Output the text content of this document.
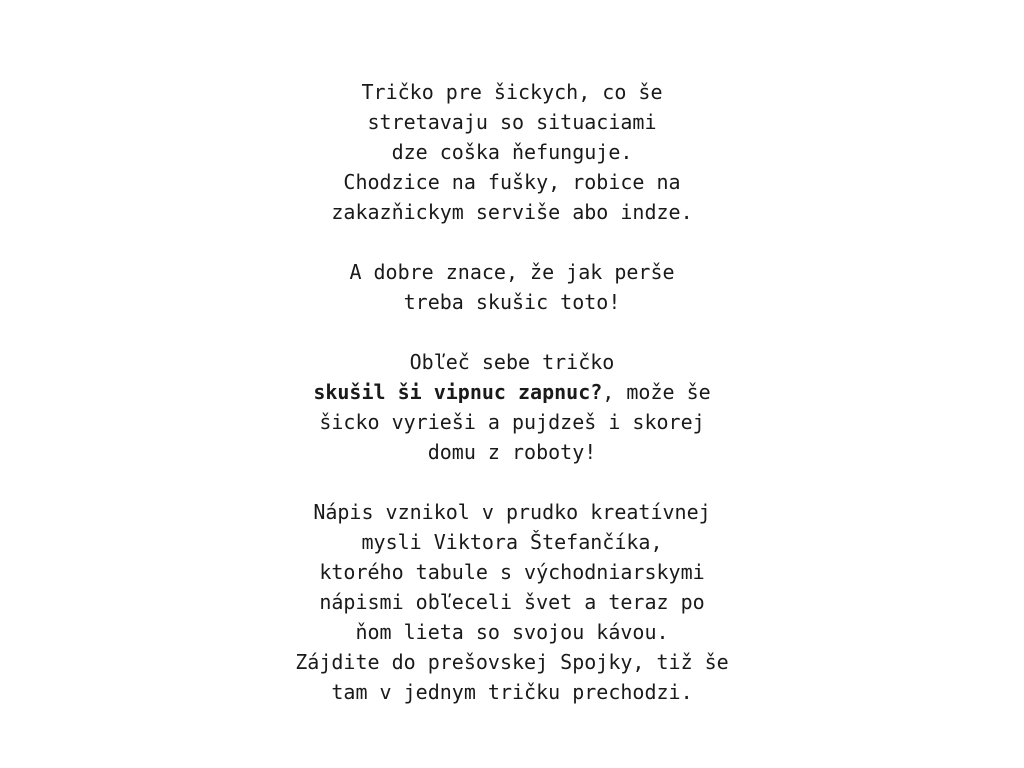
Tričko pre šickych, co še
stretavaju so situaciami
dze coška ňefunguje.
Chodzice na fušky, robice na
zakazňickym serviše abo indze.

A dobre znace, že jak perše
treba skušic toto!

Obľeč sebe tričko
skušil ši vipnuc zapnuc?, može še
šicko vyrieši a pujdzeš i skorej
domu z roboty!

Nápis vznikol v prudko kreatívnej
mysli Viktora Štefančíka,
ktorého tabule s východniarskymi
nápismi obľeceli švet a teraz po
ňom lieta so svojou kávou.
Zájdite do prešovskej Spojky, tiž še
tam v jednym tričku prechodzi.
